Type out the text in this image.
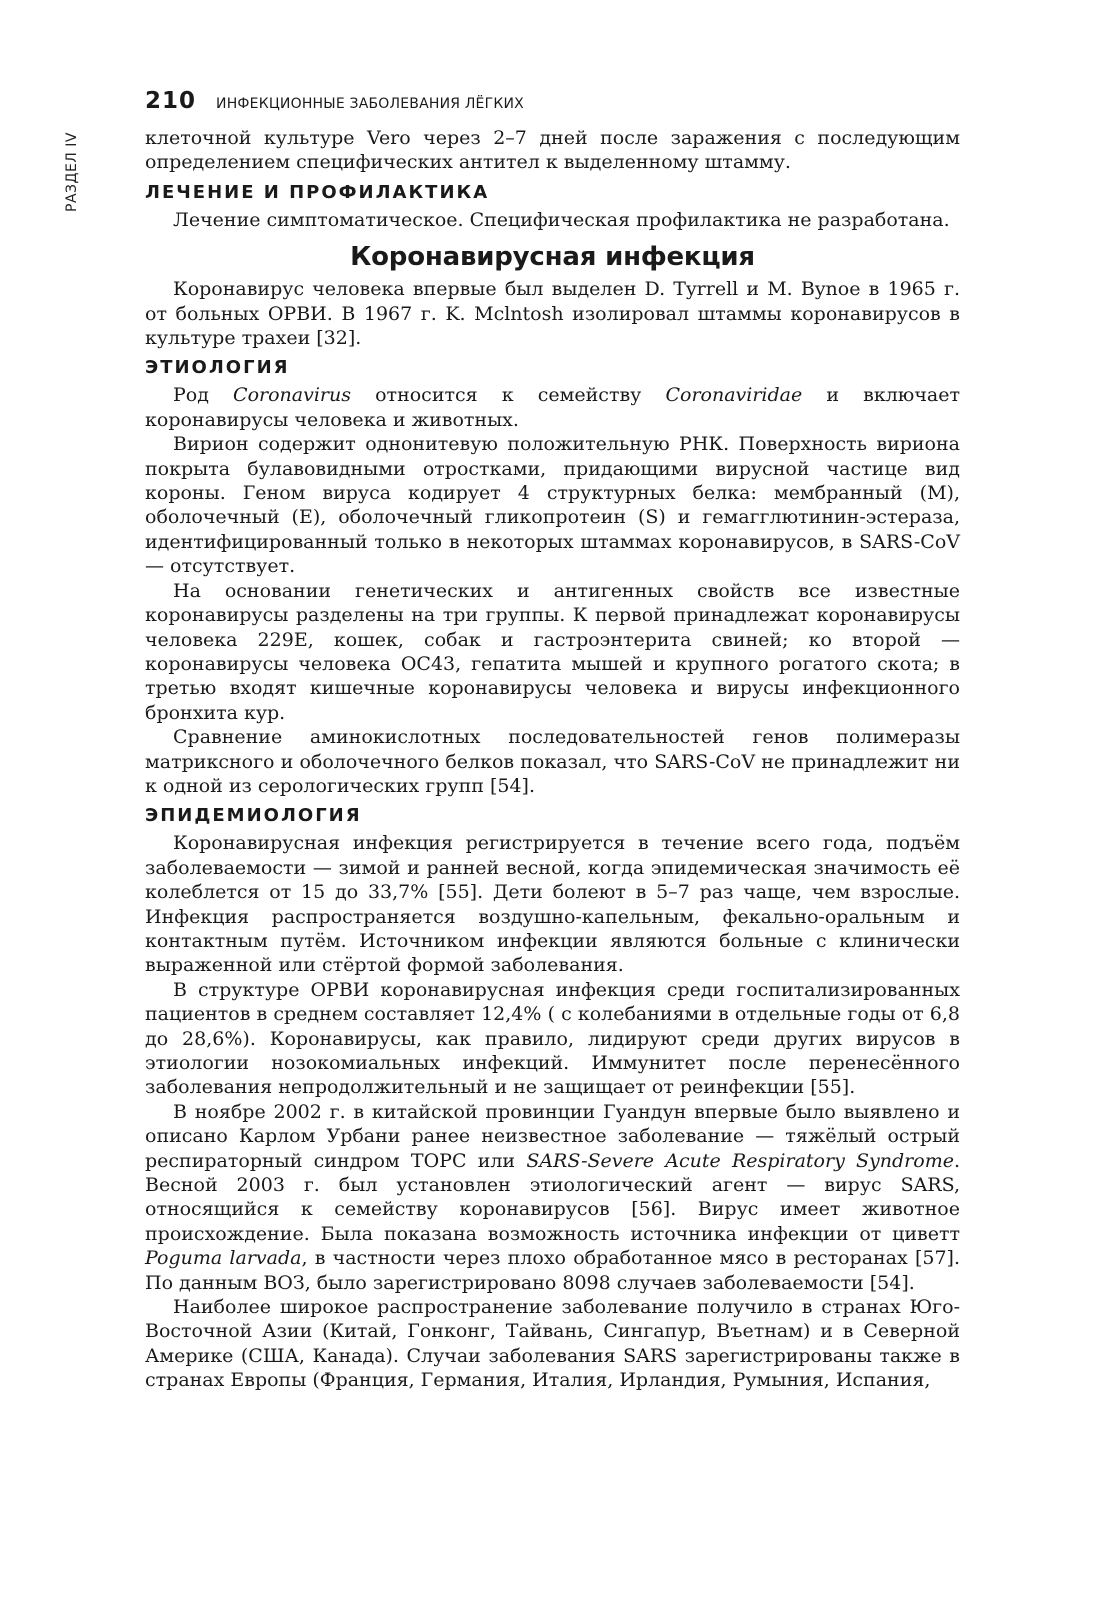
РАЗДЕЛ IV
210 ИНФЕКЦИОННЫЕ ЗАБОЛЕВАНИЯ ЛЁГКИХ

клеточной культуре Vero через 2–7 дней после заражения с последующим определением специфических антител к выделенному штамму.

ЛЕЧЕНИЕ И ПРОФИЛАКТИКА

Лечение симптоматическое. Специфическая профилактика не разработана.

Коронавирусная инфекция

Коронавирус человека впервые был выделен D. Tyrrell и M. Bynoe в 1965 г. от больных ОРВИ. В 1967 г. K. Mclntosh изолировал штаммы коронавирусов в культуре трахеи [32].

ЭТИОЛОГИЯ

Род Coronavirus относится к семейству Coronaviridae и включает коронавирусы человека и животных.

Вирион содержит однонитевую положительную РНК. Поверхность вириона покрыта булавовидными отростками, придающими вирусной частице вид короны. Геном вируса кодирует 4 структурных белка: мембранный (M), оболочечный (E), оболочечный гликопротеин (S) и гемагглютинин-эстераза, идентифицированный только в некоторых штаммах коронавирусов, в SARS-CoV — отсутствует.

На основании генетических и антигенных свойств все известные коронавирусы разделены на три группы. К первой принадлежат коронавирусы человека 229E, кошек, собак и гастроэнтерита свиней; ко второй — коронавирусы человека OC43, гепатита мышей и крупного рогатого скота; в третью входят кишечные коронавирусы человека и вирусы инфекционного бронхита кур.

Сравнение аминокислотных последовательностей генов полимеразы матриксного и оболочечного белков показал, что SARS-CoV не принадлежит ни к одной из серологических групп [54].

ЭПИДЕМИОЛОГИЯ

Коронавирусная инфекция регистрируется в течение всего года, подъём заболеваемости — зимой и ранней весной, когда эпидемическая значимость её колеблется от 15 до 33,7% [55]. Дети болеют в 5–7 раз чаще, чем взрослые. Инфекция распространяется воздушно-капельным, фекально-оральным и контактным путём. Источником инфекции являются больные с клинически выраженной или стёртой формой заболевания.

В структуре ОРВИ коронавирусная инфекция среди госпитализированных пациентов в среднем составляет 12,4% ( с колебаниями в отдельные годы от 6,8 до 28,6%). Коронавирусы, как правило, лидируют среди других вирусов в этиологии нозокомиальных инфекций. Иммунитет после перенесённого заболевания непродолжительный и не защищает от реинфекции [55].

В ноябре 2002 г. в китайской провинции Гуандун впервые было выявлено и описано Карлом Урбани ранее неизвестное заболевание — тяжёлый острый респираторный синдром ТОРС или SARS-Severe Acute Respiratory Syndrome. Весной 2003 г. был установлен этиологический агент — вирус SARS, относящийся к семейству коронавирусов [56]. Вирус имеет животное происхождение. Была показана возможность источника инфекции от циветт Poguma larvada, в частности через плохо обработанное мясо в ресторанах [57]. По данным ВОЗ, было зарегистрировано 8098 случаев заболеваемости [54].

Наиболее широкое распространение заболевание получило в странах Юго-Восточной Азии (Китай, Гонконг, Тайвань, Сингапур, Въетнам) и в Северной Америке (США, Канада). Случаи заболевания SARS зарегистрированы также в странах Европы (Франция, Германия, Италия, Ирландия, Румыния, Испания,
